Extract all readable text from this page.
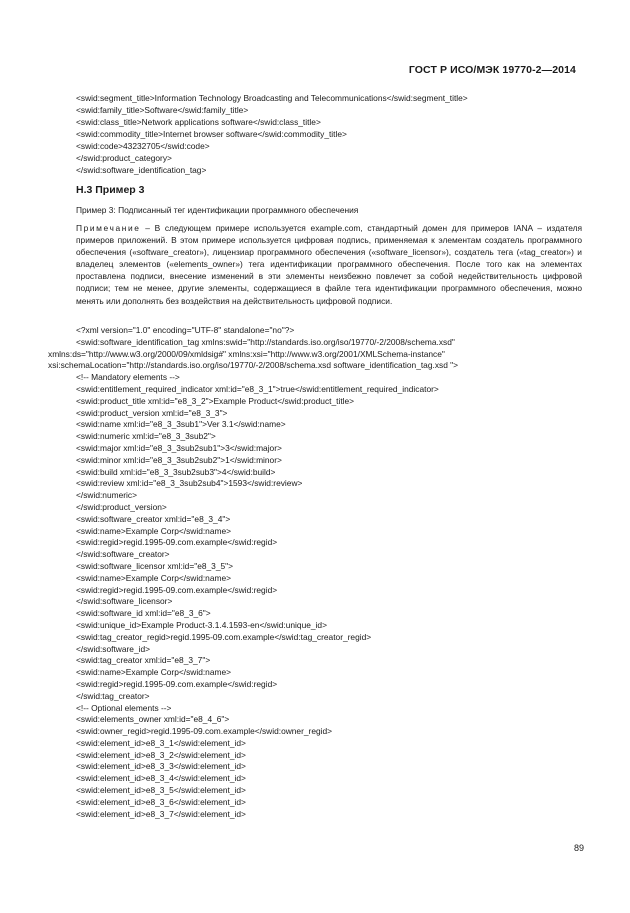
ГОСТ Р ИСО/МЭК 19770-2—2014
<swid:segment_title>Information Technology Broadcasting and Telecommunications</swid:segment_title>
<swid:family_title>Software</swid:family_title>
<swid:class_title>Network applications software</swid:class_title>
<swid:commodity_title>Internet browser software</swid:commodity_title>
<swid:code>43232705</swid:code>
</swid:product_category>
</swid:software_identification_tag>
Н.3 Пример 3
Пример 3: Подписанный тег идентификации программного обеспечения
Примечание – В следующем примере используется example.com, стандартный домен для примеров IANA – издателя примеров приложений. В этом примере используется цифровая подпись, применяемая к элементам создатель программного обеспечения («software_creator»), лицензиар программного обеспечения («software_licensor»), создатель тега («tag_creator») и владелец элементов («elements_owner») тега идентификации программного обеспечения. После того как на элементах проставлена подписи, внесение изменений в эти элементы неизбежно повлечет за собой недействительность цифровой подписи; тем не менее, другие элементы, содержащиеся в файле тега идентификации программного обеспечения, можно менять или дополнять без воздействия на действительность цифровой подписи.
<?xml version="1.0" encoding="UTF-8" standalone="no"?>
<swid:software_identification_tag xmlns:swid="http://standards.iso.org/iso/19770/-2/2008/schema.xsd"
xmlns:ds="http://www.w3.org/2000/09/xmldsig#" xmlns:xsi="http://www.w3.org/2001/XMLSchema-instance"
xsi:schemaLocation="http://standards.iso.org/iso/19770/-2/2008/schema.xsd software_identification_tag.xsd ">
<!-- Mandatory elements -->
<swid:entitlement_required_indicator xml:id="e8_3_1">true</swid:entitlement_required_indicator>
<swid:product_title xml:id="e8_3_2">Example Product</swid:product_title>
<swid:product_version xml:id="e8_3_3">
<swid:name xml:id="e8_3_3sub1">Ver 3.1</swid:name>
<swid:numeric xml:id="e8_3_3sub2">
<swid:major xml:id="e8_3_3sub2sub1">3</swid:major>
<swid:minor xml:id="e8_3_3sub2sub2">1</swid:minor>
<swid:build xml:id="e8_3_3sub2sub3">4</swid:build>
<swid:review xml:id="e8_3_3sub2sub4">1593</swid:review>
</swid:numeric>
</swid:product_version>
<swid:software_creator xml:id="e8_3_4">
<swid:name>Example Corp</swid:name>
<swid:regid>regid.1995-09.com.example</swid:regid>
</swid:software_creator>
<swid:software_licensor xml:id="e8_3_5">
<swid:name>Example Corp</swid:name>
<swid:regid>regid.1995-09.com.example</swid:regid>
</swid:software_licensor>
<swid:software_id xml:id="e8_3_6">
<swid:unique_id>Example Product-3.1.4.1593-en</swid:unique_id>
<swid:tag_creator_regid>regid.1995-09.com.example</swid:tag_creator_regid>
</swid:software_id>
<swid:tag_creator xml:id="e8_3_7">
<swid:name>Example Corp</swid:name>
<swid:regid>regid.1995-09.com.example</swid:regid>
</swid:tag_creator>
<!-- Optional elements -->
<swid:elements_owner xml:id="e8_4_6">
<swid:owner_regid>regid.1995-09.com.example</swid:owner_regid>
<swid:element_id>e8_3_1</swid:element_id>
<swid:element_id>e8_3_2</swid:element_id>
<swid:element_id>e8_3_3</swid:element_id>
<swid:element_id>e8_3_4</swid:element_id>
<swid:element_id>e8_3_5</swid:element_id>
<swid:element_id>e8_3_6</swid:element_id>
<swid:element_id>e8_3_7</swid:element_id>
89
